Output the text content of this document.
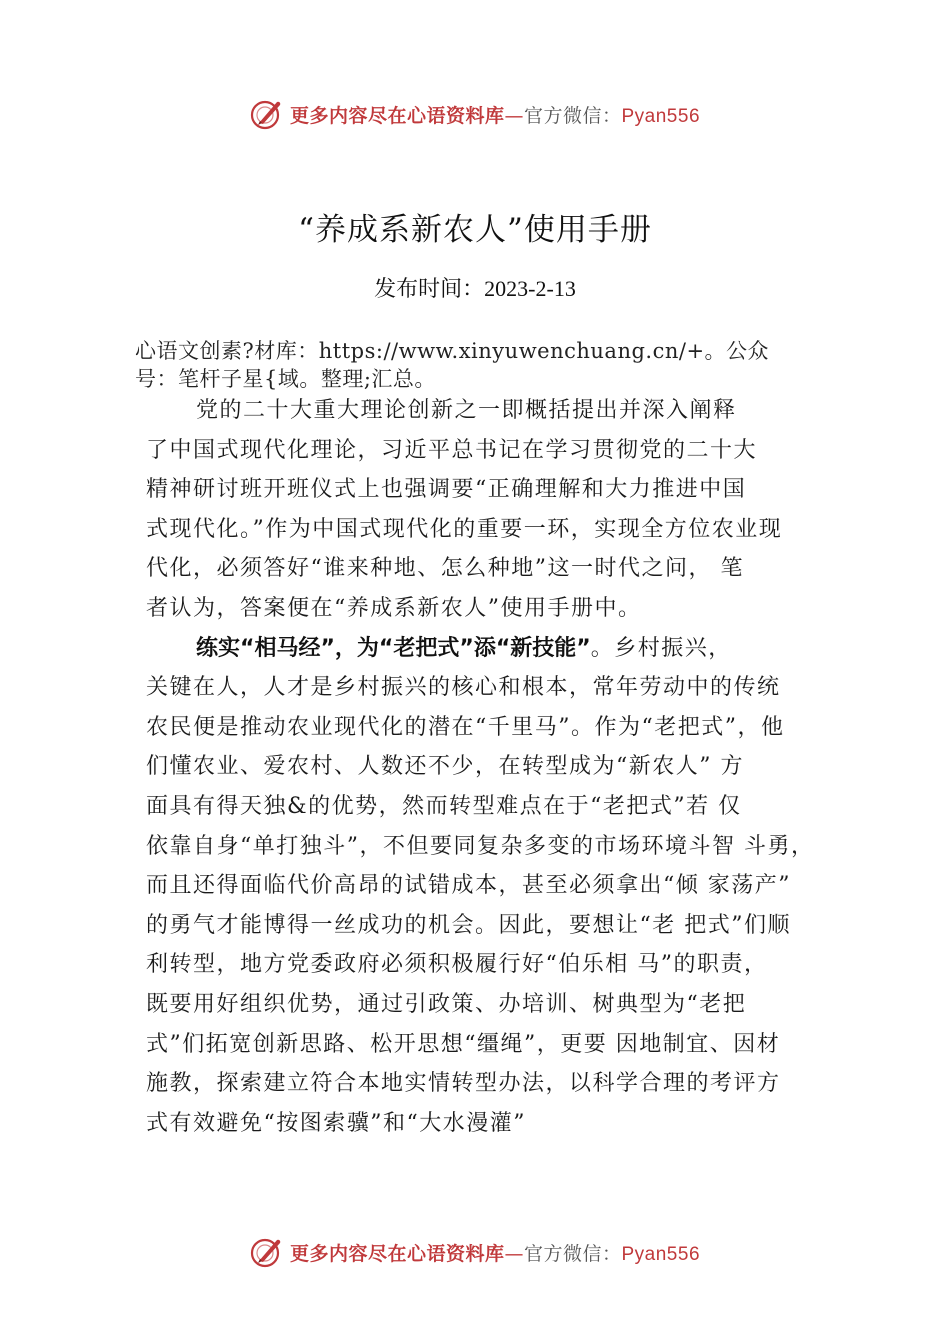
更多内容尽在心语资料库—官方微信：Pyan556
“养成系新农人”使用手册
发布时间：2023-2-13
心语文创素?材库：https://www.xinyuwenchuang.cn/+。公众
号：笔杆子星{域。整理;汇总。
党的二十大重大理论创新之一即概括提出并深入阐释
了中国式现代化理论，习近平总书记在学习贯彻党的二十大
精神研讨班开班仪式上也强调要“正确理解和大力推进中国
式现代化。”作为中国式现代化的重要一环，实现全方位农业现
代化，必须答好“谁来种地、怎么种地”这一时代之问， 笔
者认为，答案便在“养成系新农人”使用手册中。
练实“相马经”，为“老把式”添“新技能”。乡村振兴，
关键在人，人才是乡村振兴的核心和根本，常年劳动中的传统
农民便是推动农业现代化的潜在“千里马”。作为“老把式”，他
们懂农业、爱农村、人数还不少，在转型成为“新农人” 方
面具有得天独&的优势，然而转型难点在于“老把式”若 仅
依靠自身“单打独斗”，不但要同复杂多变的市场环境斗智 斗勇，
而且还得面临代价高昂的试错成本，甚至必须拿出“倾 家荡产”
的勇气才能博得一丝成功的机会。因此，要想让“老 把式”们顺
利转型，地方党委政府必须积极履行好“伯乐相 马”的职责，
既要用好组织优势，通过引政策、办培训、树典型为“老把
式”们拓宽创新思路、松开思想“缰绳”，更要 因地制宜、因材
施教，探索建立符合本地实情转型办法，以科学合理的考评方
式有效避免“按图索骥”和“大水漫灌”
更多内容尽在心语资料库—官方微信：Pyan556
